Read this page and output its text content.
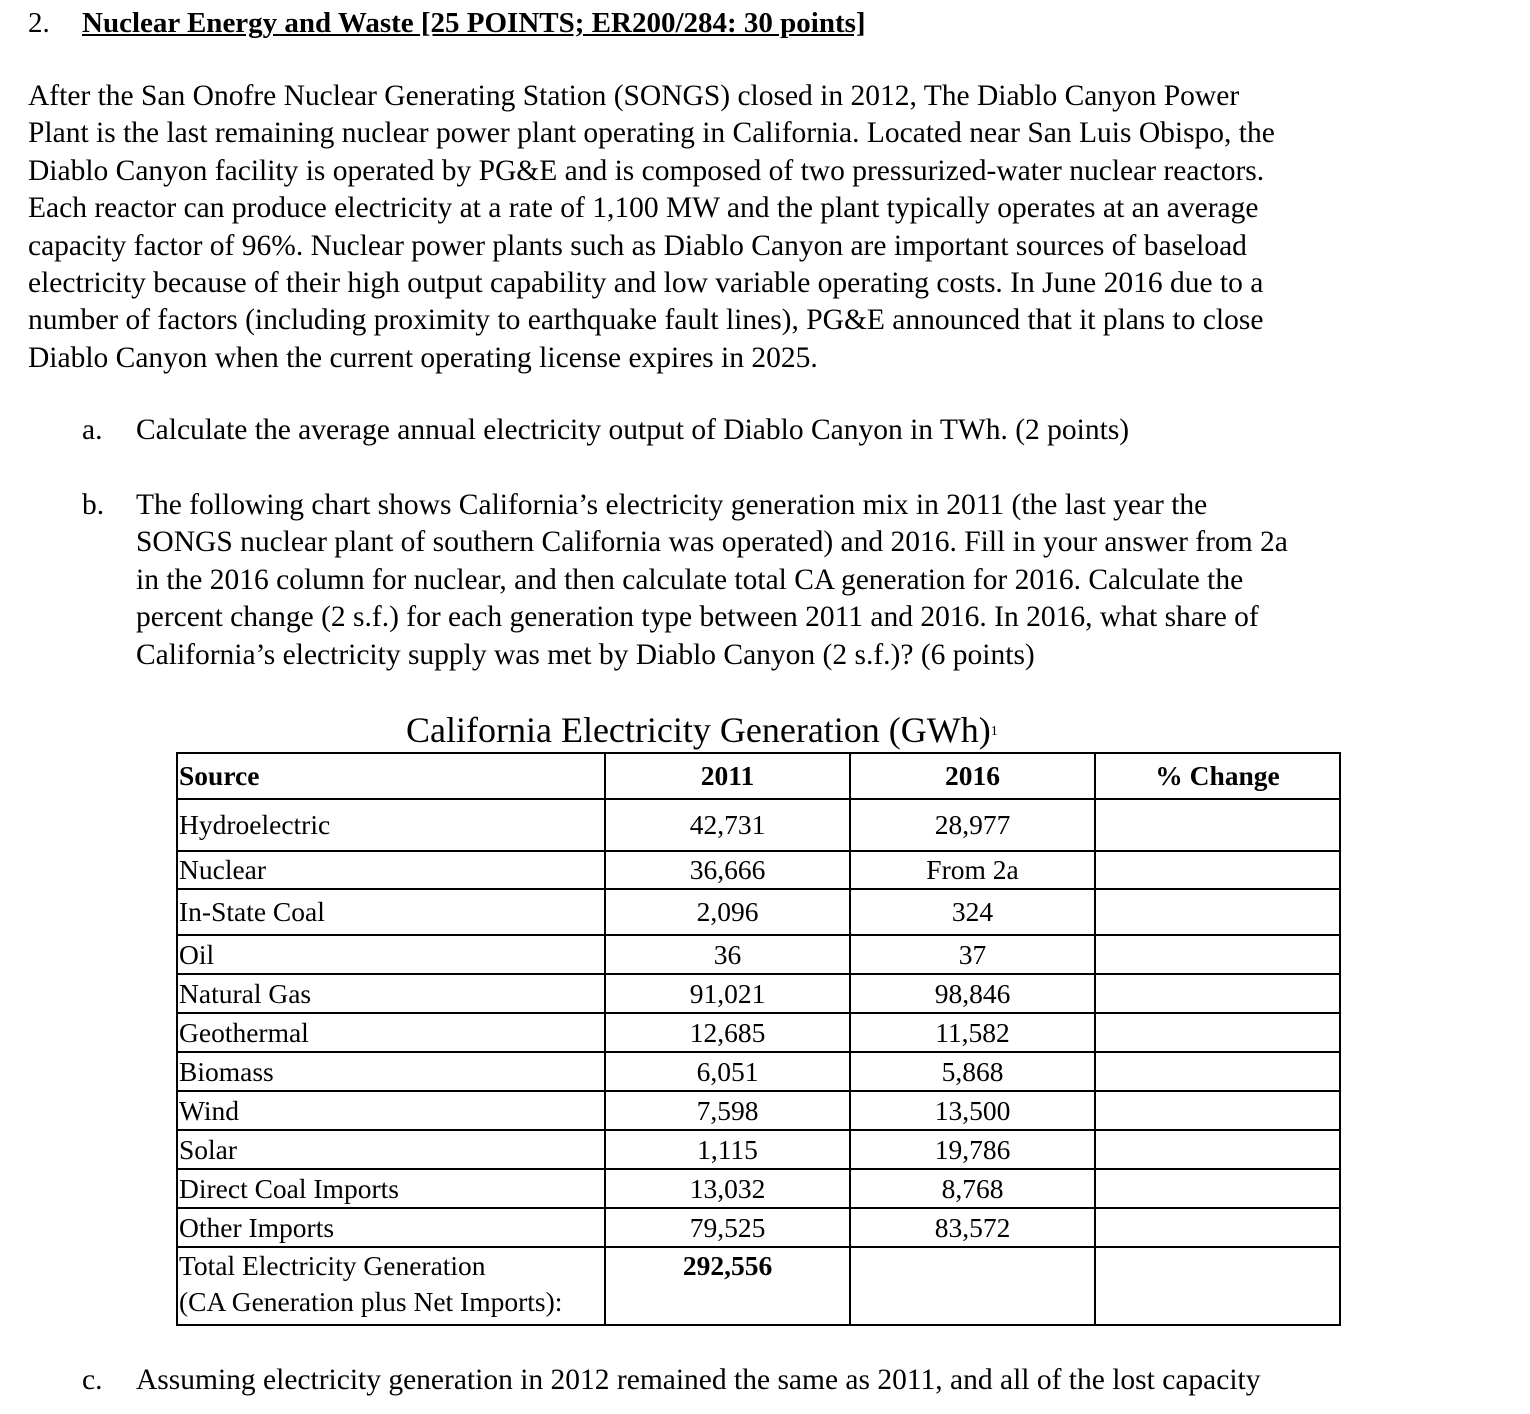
2. Nuclear Energy and Waste [25 POINTS; ER200/284: 30 points]
After the San Onofre Nuclear Generating Station (SONGS) closed in 2012, The Diablo Canyon Power
Plant is the last remaining nuclear power plant operating in California. Located near San Luis Obispo, the
Diablo Canyon facility is operated by PG&E and is composed of two pressurized-water nuclear reactors.
Each reactor can produce electricity at a rate of 1,100 MW and the plant typically operates at an average
capacity factor of 96%. Nuclear power plants such as Diablo Canyon are important sources of baseload
electricity because of their high output capability and low variable operating costs. In June 2016 due to a
number of factors (including proximity to earthquake fault lines), PG&E announced that it plans to close
Diablo Canyon when the current operating license expires in 2025.
a. Calculate the average annual electricity output of Diablo Canyon in TWh. (2 points)
b. The following chart shows California’s electricity generation mix in 2011 (the last year the
SONGS nuclear plant of southern California was operated) and 2016. Fill in your answer from 2a
in the 2016 column for nuclear, and then calculate total CA generation for 2016. Calculate the
percent change (2 s.f.) for each generation type between 2011 and 2016. In 2016, what share of
California’s electricity supply was met by Diablo Canyon (2 s.f.)? (6 points)
California Electricity Generation (GWh)$^1$
Source	2011	2016	% Change
Hydroelectric	42,731	28,977	
Nuclear	36,666	From 2a	
In-State Coal	2,096	324	
Oil	36	37	
Natural Gas	91,021	98,846	
Geothermal	12,685	11,582	
Biomass	6,051	5,868	
Wind	7,598	13,500	
Solar	1,115	19,786	
Direct Coal Imports	13,032	8,768	
Other Imports	79,525	83,572	

Total Electricity Generation
(CA Generation plus Net Imports):	292,556		
c. Assuming electricity generation in 2012 remained the same as 2011, and all of the lost capacity
